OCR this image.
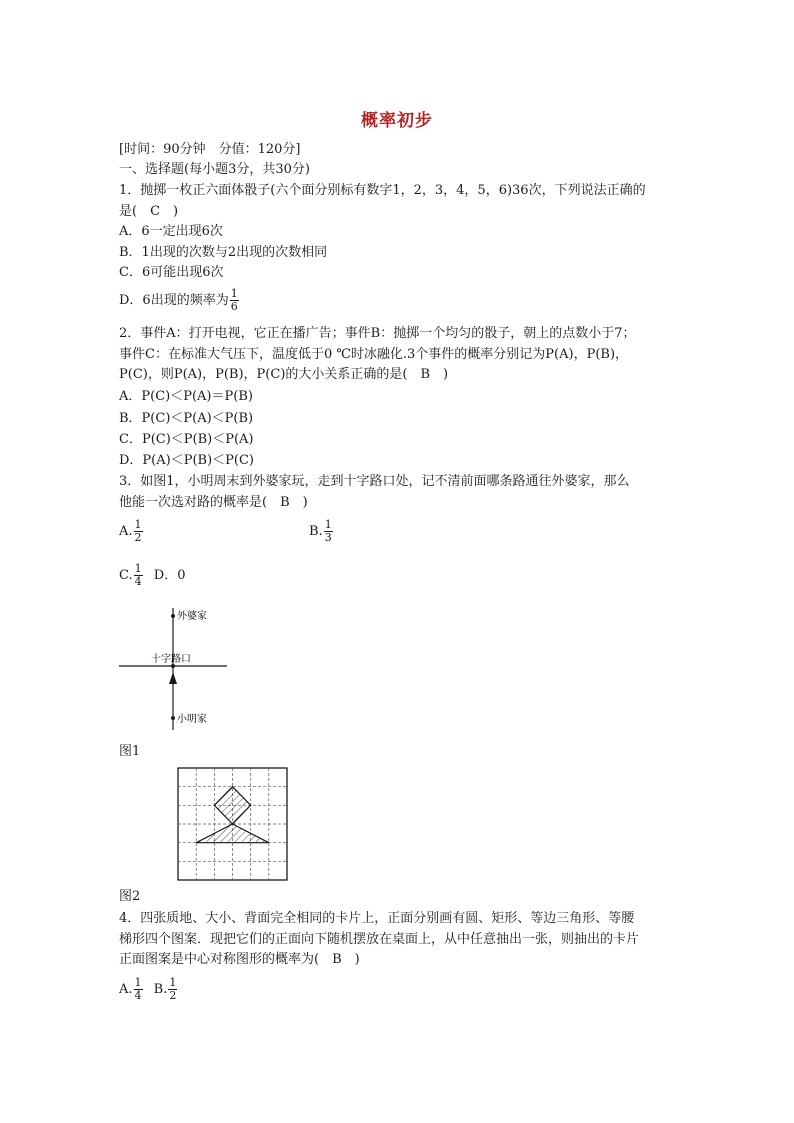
概率初步
[时间：90分钟　分值：120分]
一、选择题(每小题3分，共30分)
1．抛掷一枚正六面体骰子(六个面分别标有数字1，2，3，4，5，6)36次，下列说法正确的
是(　C　)
A．6一定出现6次
B．1出现的次数与2出现的次数相同
C．6可能出现6次
D．6出现的频率为 $\frac{1}{6}$
2．事件A：打开电视，它正在播广告；事件B：抛掷一个均匀的骰子，朝上的点数小于7；
事件C：在标准大气压下，温度低于0 ℃时冰融化.3个事件的概率分别记为P(A)，P(B)，
P(C)，则P(A)，P(B)，P(C)的大小关系正确的是(　B　)
A．P(C)＜P(A)＝P(B)
B．P(C)＜P(A)＜P(B)
C．P(C)＜P(B)＜P(A)
D．P(A)＜P(B)＜P(C)
3．如图1，小明周末到外婆家玩，走到十字路口处，记不清前面哪条路通往外婆家，那么
他能一次选对路的概率是(　B　)
A. $\frac{1}{2}$	B. $\frac{1}{3}$
C. $\frac{1}{4}$ D．0
外婆家
十字路口
小明家
图1
图2
4．四张质地、大小、背面完全相同的卡片上，正面分别画有圆、矩形、等边三角形、等腰
梯形四个图案．现把它们的正面向下随机摆放在桌面上，从中任意抽出一张，则抽出的卡片
正面图案是中心对称图形的概率为(　B　)
A. $\frac{1}{4} B$. $\frac{1}{2}$
